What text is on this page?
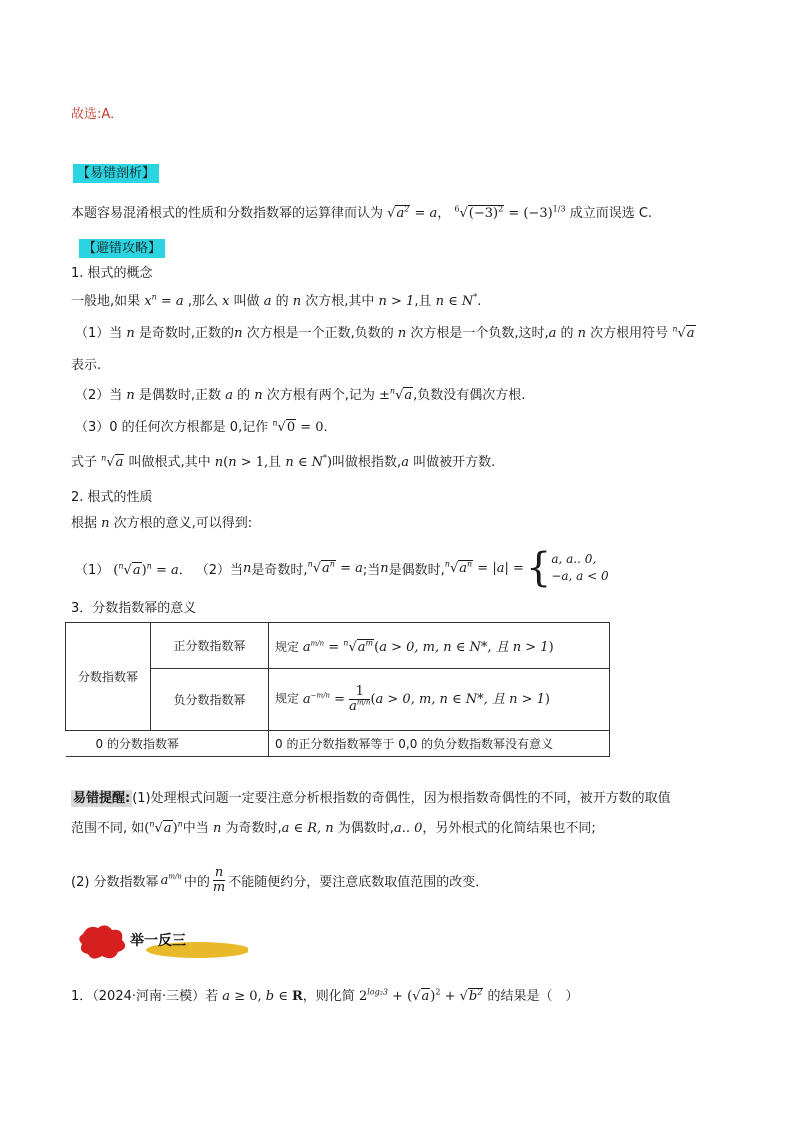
故选:A．
【易错剖析】
本题容易混淆根式的性质和分数指数幂的运算律而认为 $√a^2 = a$， $^6√(-3)^2 = (-3)^{1/3}$ 成立而误选 C.
【避错攻略】
1. 根式的概念
一般地,如果 $x^n = a$ ,那么 x 叫做 a 的 n 次方根,其中 n > 1,且 n ∈ N*.
（1）当 n 是奇数时,正数的n 次方根是一个正数,负数的 n 次方根是一个负数,这时,a 的 n 次方根用符号 $^n$√a
表示.
（2）当 n 是偶数时,正数 a 的 n 次方根有两个,记为 ±$^n$√a,负数没有偶次方根.
（3）0 的任何次方根都是 0,记作 $^n$√0 = 0.
式子 $^n$√a 叫做根式,其中 n(n > 1,且 n ∈ N*)叫做根指数,a 叫做被开方数.
2. 根式的性质
根据 n 次方根的意义,可以得到:
（1） $(^n√a)^n = a$． （2）当 n 是奇数时, $^n√a^n = a$ ;当 n 是偶数时, $^n√a^n = |a|$ = { a, a.. 0,
−a, a < 0
3．分数指数幂的意义
分数指数幂	正分数指数幂	规定 $a^{m/n} = ^n√a^m(a > 0$, m, n ∈ N*, 且 n > 1)
	负分数指数幂	规定 $a^{-m/n} = \frac{1}{a^{m/n}} (a > 0$, m, n ∈ N*, 且 n > 1)
0 的分数指数幂		0 的正分数指数幂等于 0,0 的负分数指数幂没有意义
易错提醒: (1)处理根式问题一定要注意分析根指数的奇偶性，因为根指数奇偶性的不同，被开方数的取值
范围不同, 如$(^n√a)^n$中当 n 为奇数时,a ∈ R, n 为偶数时,a.. 0，另外根式的化简结果也不同;
(2) 分数指数幂 $a^{m/n}$ 中的 $\frac{n}{m}$ 不能随便约分，要注意底数取值范围的改变．
举一反三
1．（2024·河南·三模）若 a ≥ 0, b ∈ R，则化简 $2^{log_23} + (√a)^2 + √b^2$ 的结果是（　）
